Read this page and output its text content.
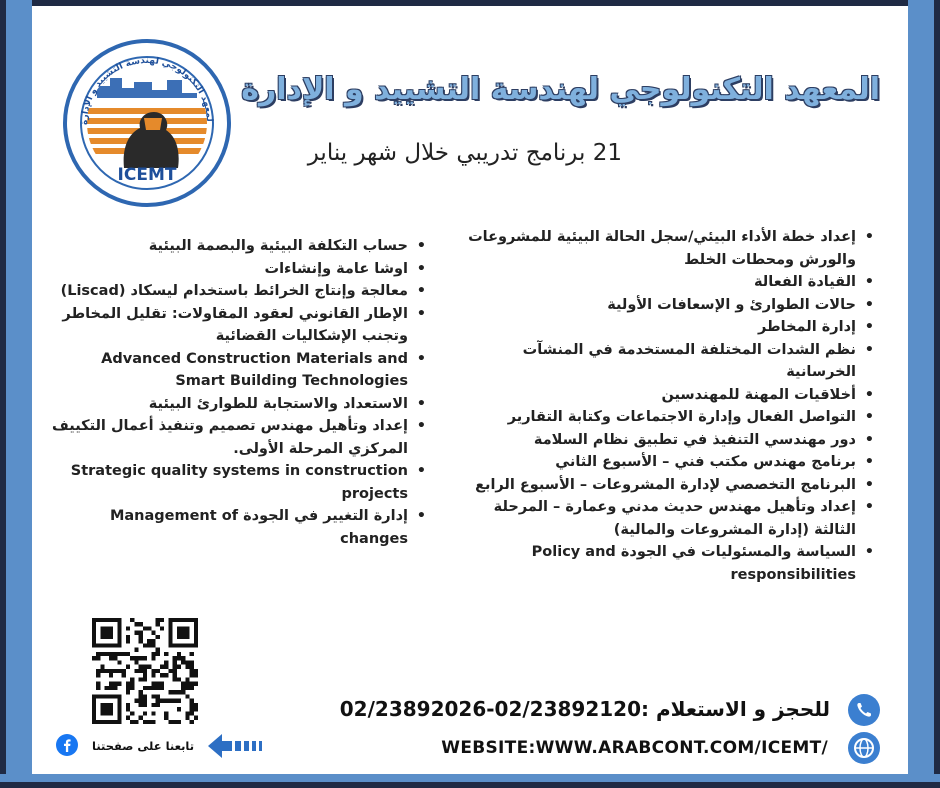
لمعهد التكنولوجي لهندسة التشييد و الإدارة
ICEMT
المعهد التكنولوجي لهندسة التشييد و الإدارة
21 برنامج تدريبي خلال شهر يناير
• إعداد خطة الأداء البيئي/سجل الحالة البيئية للمشروعات والورش ومحطات الخلط
• القيادة الفعالة
• حالات الطوارئ و الإسعافات الأولية
• إدارة المخاطر
• نظم الشدات المختلفة المستخدمة في المنشآت الخرسانية
• أخلاقيات المهنة للمهندسين
• التواصل الفعال وإدارة الاجتماعات وكتابة التقارير
• دور مهندسي التنفيذ في تطبيق نظام السلامة
• برنامج مهندس مكتب فني – الأسبوع الثاني
• البرنامج التخصصي لإدارة المشروعات – الأسبوع الرابع
• إعداد وتأهيل مهندس حديث مدني وعمارة – المرحلة الثالثة (إدارة المشروعات والمالية)
• السياسة والمسئوليات في الجودة Policy and responsibilities
• حساب التكلفة البيئية والبصمة البيئية
• اوشا عامة وإنشاءات
• معالجة وإنتاج الخرائط باستخدام ليسكاد (Liscad)
• الإطار القانوني لعقود المقاولات: تقليل المخاطر وتجنب الإشكاليات القضائية
• Advanced Construction Materials and Smart Building Technologies
• الاستعداد والاستجابة للطوارئ البيئية
• إعداد وتأهيل مهندس تصميم وتنفيذ أعمال التكييف المركزي المرحلة الأولى.
• Strategic quality systems in construction projects
• إدارة التغيير في الجودة Management of changes
للحجز و الاستعلام :02/23892120-02/23892026
WEBSITE:WWW.ARABCONT.COM/ICEMT/
تابعنا على صفحتنا
